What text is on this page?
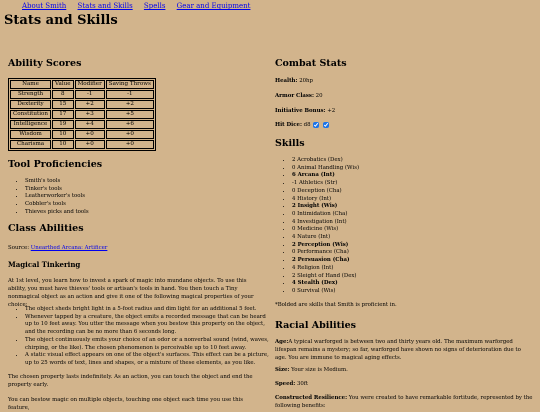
About Smith Stats and Skills Spells Gear and Equipment
Stats and Skills
Ability Scores
Name	Value	Modifier	Saving Throws
Strength	8	-1	-1
Dexterity	15	+2	+2
Constitution	17	+3	+5
Intelligence	19	+4	+6
Wisdom	10	+0	+0
Charisma	10	+0	+0
Tool Proficiencies
• Smith's tools
• Tinker's tools
• Leatherworker's tools
• Cobbler's tools
• Thieves picks and tools
Class Abilities

Source: Unearthed Arcana: Artificer

Magical Tinkering

At 1st level, you learn how to invest a spark of magic into mundane objects. To use this ability, you must have thieves' tools or artisan's tools in hand. You then touch a Tiny nonmagical object as an action and give it one of the following magical properties of your choice:

• The object sheds bright light in a 5-foot radius and dim light for an additional 5 feet.
• Whenever tapped by a creature, the object emits a recorded message that can be heard up to 10 feet away. You utter the message when you bestow this property on the object, and the recording can be no more than 6 seconds long.
• The object continuously emits your choice of an odor or a nonverbal sound (wind, waves, chirping, or the like). The chosen phenomenon is perceivable up to 10 feet away.
• A static visual effect appears on one of the object's surfaces. This effect can be a picture, up to 25 words of text, lines and shapes, or a mixture of these elements, as you like.

The chosen property lasts indefinitely. As an action, you can touch the object and end the property early.

You can bestow magic on multiple objects, touching one object each time you use this feature,

Combat Stats

Health: 20hp

Armor Class: 20

Initiative Bonus: +2

Hit Dice: d8

Skills
• 2 Acrobatics (Dex)
• 0 Animal Handling (Wis)
• 6 Arcana (Int)
• -1 Athletics (Str)
• 0 Deception (Cha)
• 4 History (Int)
• 2 Insight (Wis)
• 0 Intimidation (Cha)
• 4 Investigation (Int)
• 0 Medicine (Wis)
• 4 Nature (Int)
• 2 Perception (Wis)
• 0 Performance (Cha)
• 2 Persuasion (Cha)
• 4 Religion (Int)
• 2 Sleight of Hand (Dex)
• 4 Stealth (Dex)
• 0 Survival (Wis)

*Bolded are skills that Smith is proficient in.

Racial Abilities

Age:A typical warforged is between two and thirty years old. The maximum warforged lifespan remains a mystery; so far, warforged have shown no signs of deterioration due to age. You are immune to magical aging effects.

Size: Your size is Medium.

Speed: 30ft

Constructed Resilience: You were created to have remarkable fortitude, represented by the following benefits:
